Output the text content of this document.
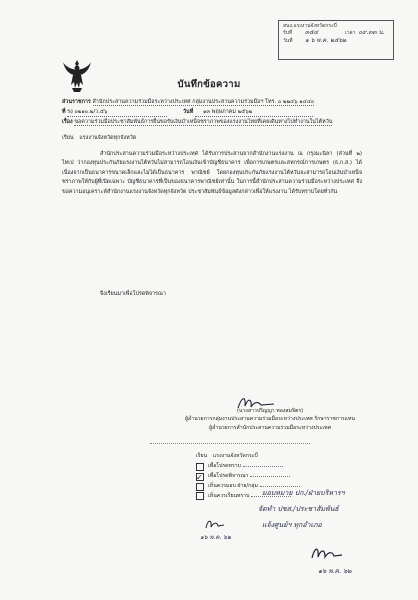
สนง.แรงงานจังหวัดกระบี่
รับที่	๓๕๔	เวลา ๐๙.๓๓ น.
วันที่	๑ ๖ พ.ค. ๒๕๖๒
บันทึกข้อความ
ส่วนราชการ สำนักประสานความร่วมมือระหว่างประเทศ กลุ่มงานประสานความร่วมมือฯ โทร. ๐ ๒๒๔๖ ๑๔๔๐
ที่ รง ๐๒๑๐.๒/ว.๕๖	วันที่ ๑๓ พฤษภาคม ๒๕๖๒
เรื่อง ขอความร่วมมือประชาสัมพันธ์การยื่นขอรับเงินบำเหน็จชราภาพของแรงงานไทยที่เคยเดินทางไปทำงานในไต้หวัน
เรียน แรงงานจังหวัดทุกจังหวัด
สำนักประสานความร่วมมือระหว่างประเทศ ได้รับการประสานจากสำนักงานแรงงาน ณ กรุงมะนิลา (ส่วนที่ ๒) ไทเป ว่ากองทุนประกันภัยแรงงานไต้หวันไม่สามารถโอนเงินเข้าบัญชีธนาคาร เพื่อการเกษตรและสหกรณ์การเกษตร (ธ.ก.ส.) ได้ เนื่องจากเป็นธนาคารขนาดเล็กและไม่ได้เป็นธนาคาร พาณิชย์ โดยกองทุนประกันภัยแรงงานไต้หวันจะสามารถโอนเงินบำเหน็จชราภาพให้กับผู้ที่เปิดเฉพาะ บัญชีธนาคารที่เป็นของธนาคารพาณิชย์เท่านั้น ในการนี้สำนักประสานความร่วมมือระหว่างประเทศ จึงขอความอนุเคราะห์สำนักงานแรงงานจังหวัดทุกจังหวัด ประชาสัมพันธ์ข้อมูลดังกล่าวเพื่อให้แรงงาน ได้รับทราบโดยทั่วกัน
จึงเรียนมาเพื่อโปรดพิจารณา
(นางสาวปริญญา ทองสมจิตร)
ผู้อำนวยการกลุ่มงานประสานความร่วมมือระหว่างประเทศ รักษาราชการแทน
ผู้อำนวยการสำนักประสานความร่วมมือระหว่างประเทศ
เรียน แรงงานจังหวัดกระบี่
เพื่อโปรดทราบ
✓
เพื่อโปรดพิจารณา
เห็นควรมอบ ฝ่าย/กลุ่ม
เห็นควรเรียนทราบ
๑๖ พ.ค. ๖๒
มอบหมาย ปก./ฝ่ายบริหารฯ
จัดทำ ปชส./ประชาสัมพันธ์
แจ้งศูนย์ฯ ทุกอำเภอ
๑๖ พ.ค. ๖๒
